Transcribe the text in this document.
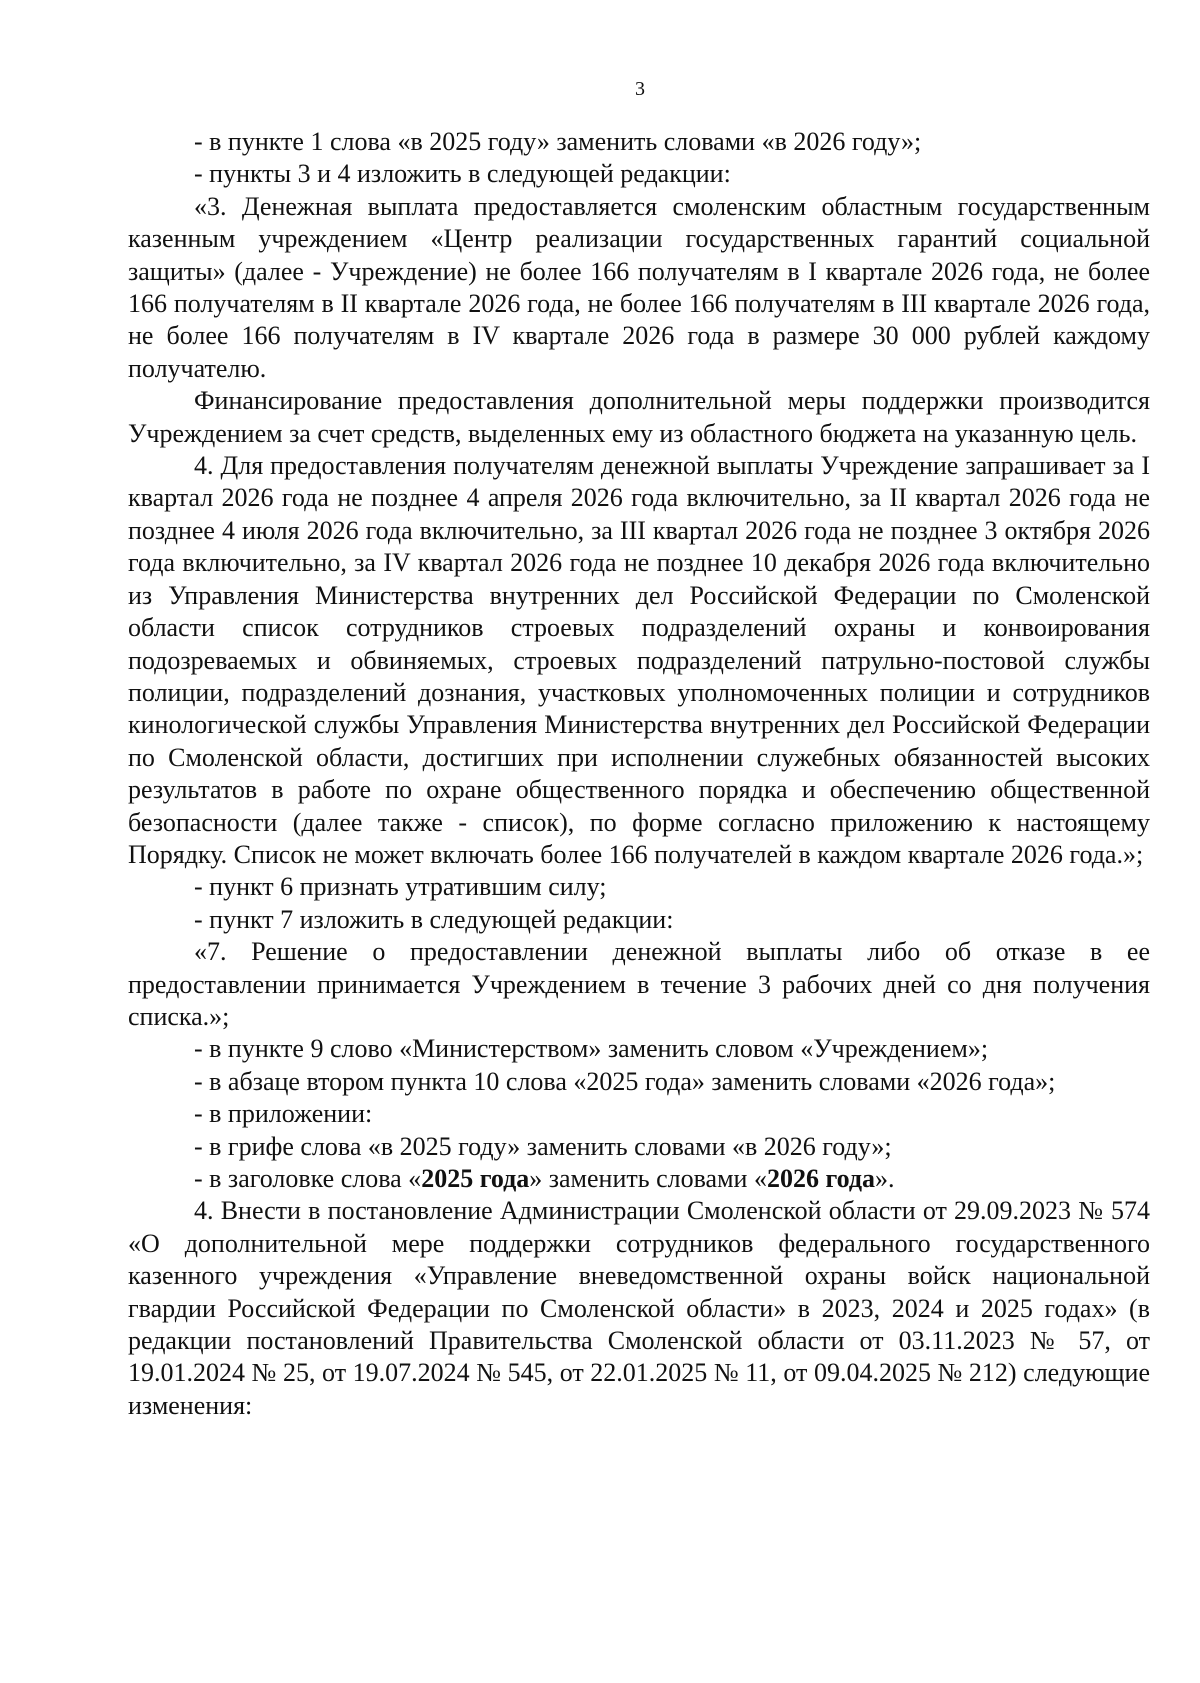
3

- в пункте 1 слова «в 2025 году» заменить словами «в 2026 году»;

- пункты 3 и 4 изложить в следующей редакции:

«3. Денежная выплата предоставляется смоленским областным государственным казенным учреждением «Центр реализации государственных гарантий социальной защиты» (далее - Учреждение) не более 166 получателям в I квартале 2026 года, не более 166 получателям в II квартале 2026 года, не более 166 получателям в III квартале 2026 года, не более 166 получателям в IV квартале 2026 года в размере 30 000 рублей каждому получателю.

Финансирование предоставления дополнительной меры поддержки производится Учреждением за счет средств, выделенных ему из областного бюджета на указанную цель.

4. Для предоставления получателям денежной выплаты Учреждение запрашивает за I квартал 2026 года не позднее 4 апреля 2026 года включительно, за II квартал 2026 года не позднее 4 июля 2026 года включительно, за III квартал 2026 года не позднее 3 октября 2026 года включительно, за IV квартал 2026 года не позднее 10 декабря 2026 года включительно из Управления Министерства внутренних дел Российской Федерации по Смоленской области список сотрудников строевых подразделений охраны и конвоирования подозреваемых и обвиняемых, строевых подразделений патрульно-постовой службы полиции, подразделений дознания, участковых уполномоченных полиции и сотрудников кинологической службы Управления Министерства внутренних дел Российской Федерации по Смоленской области, достигших при исполнении служебных обязанностей высоких результатов в работе по охране общественного порядка и обеспечению общественной безопасности (далее также - список), по форме согласно приложению к настоящему Порядку. Список не может включать более 166 получателей в каждом квартале 2026 года.»;

- пункт 6 признать утратившим силу;

- пункт 7 изложить в следующей редакции:

«7. Решение о предоставлении денежной выплаты либо об отказе в ее предоставлении принимается Учреждением в течение 3 рабочих дней со дня получения списка.»;

- в пункте 9 слово «Министерством» заменить словом «Учреждением»;

- в абзаце втором пункта 10 слова «2025 года» заменить словами «2026 года»;

- в приложении:

- в грифе слова «в 2025 году» заменить словами «в 2026 году»;

- в заголовке слова «2025 года» заменить словами «2026 года».

4. Внести в постановление Администрации Смоленской области от 29.09.2023 № 574 «О дополнительной мере поддержки сотрудников федерального государственного казенного учреждения «Управление вневедомственной охраны войск национальной гвардии Российской Федерации по Смоленской области» в 2023, 2024 и 2025 годах» (в редакции постановлений Правительства Смоленской области от 03.11.2023 № 57, от 19.01.2024 № 25, от 19.07.2024 № 545, от 22.01.2025 № 11, от 09.04.2025 № 212) следующие изменения:
